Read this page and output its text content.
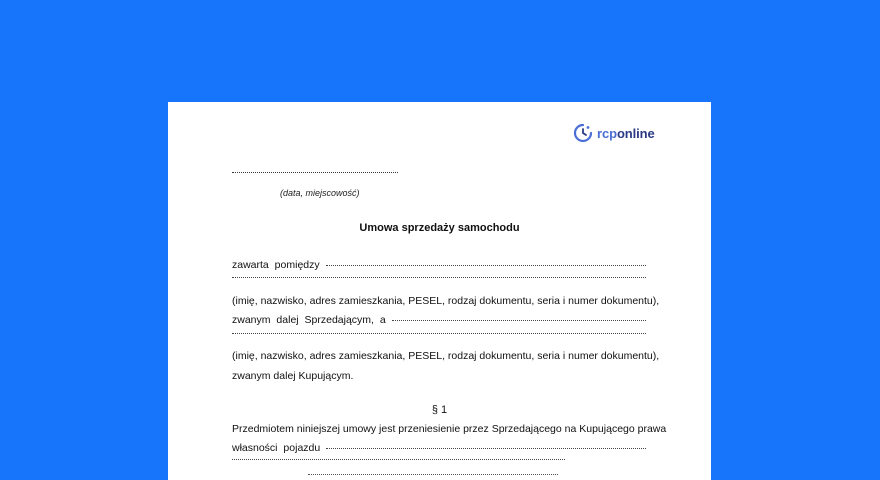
rcponline
(data, miejscowość)
Umowa sprzedaży samochodu
zawarta pomiędzy
(imię, nazwisko, adres zamieszkania, PESEL, rodzaj dokumentu, seria i numer dokumentu),
zwanym dalej Sprzedającym, a
(imię, nazwisko, adres zamieszkania, PESEL, rodzaj dokumentu, seria i numer dokumentu),
zwanym dalej Kupującym.
§ 1
Przedmiotem niniejszej umowy jest przeniesienie przez Sprzedającego na Kupującego prawa
własności pojazdu
